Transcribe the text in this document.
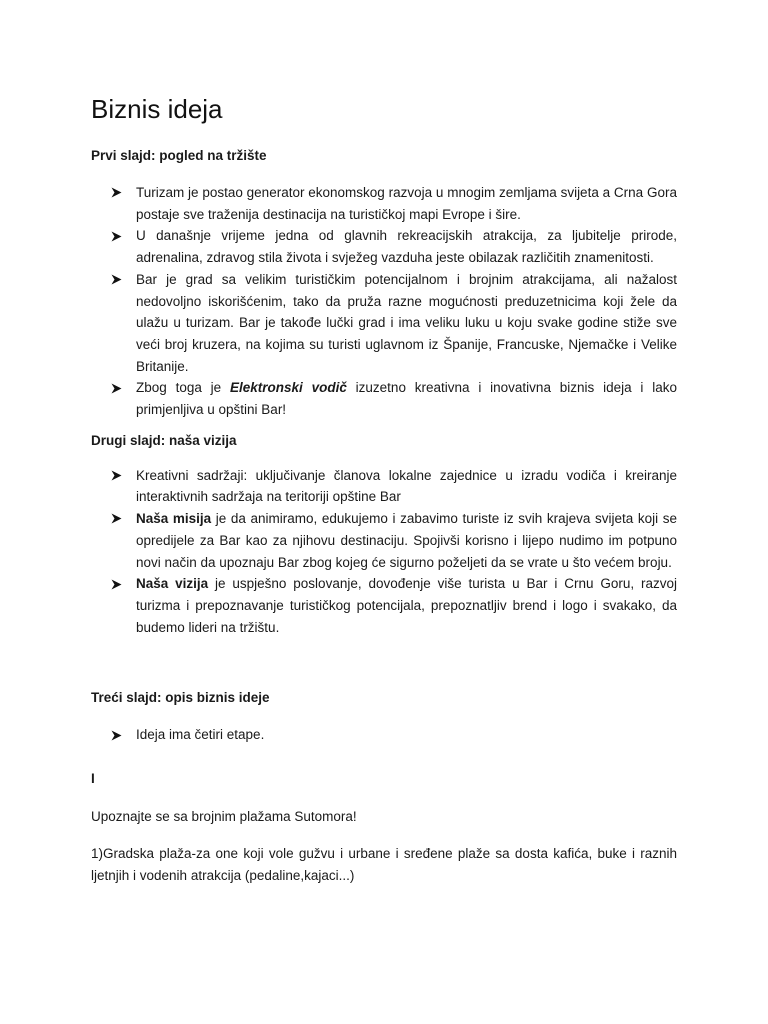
Biznis ideja

Prvi slajd: pogled na tržište

Turizam je postao generator ekonomskog razvoja u mnogim zemljama svijeta a Crna Gora postaje sve traženija destinacija na turističkoj mapi Evrope i šire.
U današnje vrijeme jedna od glavnih rekreacijskih atrakcija, za ljubitelje prirode, adrenalina, zdravog stila života i svježeg vazduha jeste obilazak različitih znamenitosti.
Bar je grad sa velikim turističkim potencijalnom i brojnim atrakcijama, ali nažalost nedovoljno iskorišćenim, tako da pruža razne mogućnosti preduzetnicima koji žele da ulažu u turizam. Bar je takođe lučki grad i ima veliku luku u koju svake godine stiže sve veći broj kruzera, na kojima su turisti uglavnom iz Španije, Francuske, Njemačke i Velike Britanije.
Zbog toga je Elektronski vodič izuzetno kreativna i inovativna biznis ideja i lako primjenljiva u opštini Bar!

Drugi slajd: naša vizija

Kreativni sadržaji: uključivanje članova lokalne zajednice u izradu vodiča i kreiranje interaktivnih sadržaja na teritoriji opštine Bar
Naša misija je da animiramo, edukujemo i zabavimo turiste iz svih krajeva svijeta koji se opredijele za Bar kao za njihovu destinaciju. Spojivši korisno i lijepo nudimo im potpuno novi način da upoznaju Bar zbog kojeg će sigurno poželjeti da se vrate u što većem broju.
Naša vizija je uspješno poslovanje, dovođenje više turista u Bar i Crnu Goru, razvoj turizma i prepoznavanje turističkog potencijala, prepoznatljiv brend i logo i svakako, da budemo lideri na tržištu.

Treći slajd: opis biznis ideje

Ideja ima četiri etape.

I

Upoznajte se sa brojnim plažama Sutomora!

1)Gradska plaža-za one koji vole gužvu i urbane i sređene plaže sa dosta kafića, buke i raznih ljetnjih i vodenih atrakcija (pedaline,kajaci...)
